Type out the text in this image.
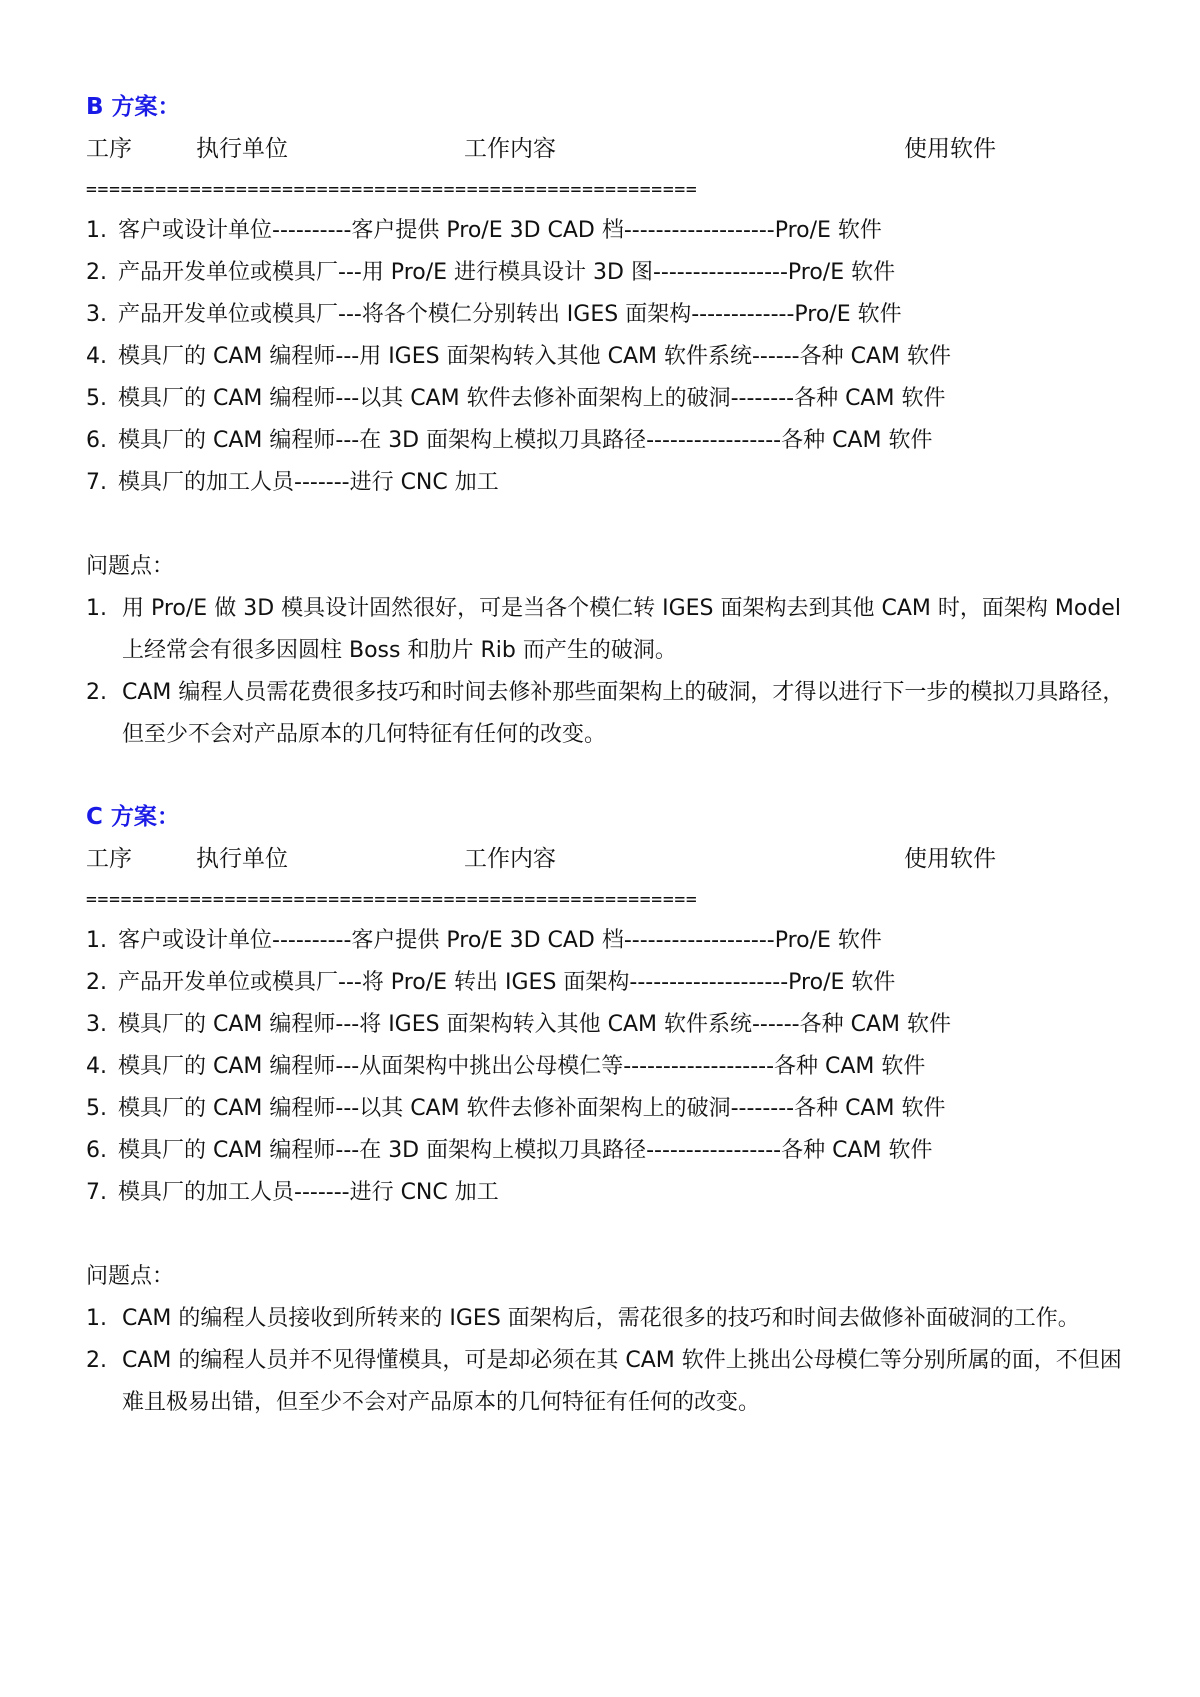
B 方案：
工序	执行单位	工作内容	使用软件
=====================================================
1. 客户或设计单位----------客户提供 Pro/E 3D CAD 档-------------------Pro/E 软件
2. 产品开发单位或模具厂---用 Pro/E 进行模具设计 3D 图-----------------Pro/E 软件
3. 产品开发单位或模具厂---将各个模仁分别转出 IGES 面架构-------------Pro/E 软件
4. 模具厂的 CAM 编程师---用 IGES 面架构转入其他 CAM 软件系统------各种 CAM 软件
5. 模具厂的 CAM 编程师---以其 CAM 软件去修补面架构上的破洞--------各种 CAM 软件
6. 模具厂的 CAM 编程师---在 3D 面架构上模拟刀具路径-----------------各种 CAM 软件
7. 模具厂的加工人员-------进行 CNC 加工
问题点：
1. 用 Pro/E 做 3D 模具设计固然很好，可是当各个模仁转 IGES 面架构去到其他 CAM 时，面架构 Model 上经常会有很多因圆柱 Boss 和肋片 Rib 而产生的破洞。
2. CAM 编程人员需花费很多技巧和时间去修补那些面架构上的破洞，才得以进行下一步的模拟刀具路径，但至少不会对产品原本的几何特征有任何的改变。
C 方案：
工序	执行单位	工作内容	使用软件
=====================================================
1. 客户或设计单位----------客户提供 Pro/E 3D CAD 档-------------------Pro/E 软件
2. 产品开发单位或模具厂---将 Pro/E 转出 IGES 面架构--------------------Pro/E 软件
3. 模具厂的 CAM 编程师---将 IGES 面架构转入其他 CAM 软件系统------各种 CAM 软件
4. 模具厂的 CAM 编程师---从面架构中挑出公母模仁等-------------------各种 CAM 软件
5. 模具厂的 CAM 编程师---以其 CAM 软件去修补面架构上的破洞--------各种 CAM 软件
6. 模具厂的 CAM 编程师---在 3D 面架构上模拟刀具路径-----------------各种 CAM 软件
7. 模具厂的加工人员-------进行 CNC 加工
问题点：
1. CAM 的编程人员接收到所转来的 IGES 面架构后，需花很多的技巧和时间去做修补面破洞的工作。
2. CAM 的编程人员并不见得懂模具，可是却必须在其 CAM 软件上挑出公母模仁等分别所属的面，不但困难且极易出错，但至少不会对产品原本的几何特征有任何的改变。
